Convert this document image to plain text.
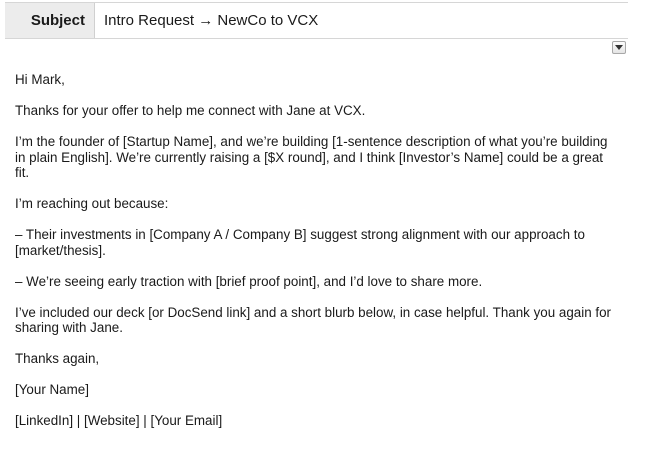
Subject	Intro Request → NewCo to VCX

Hi Mark,

Thanks for your offer to help me connect with Jane at VCX.

I’m the founder of [Startup Name], and we’re building [1-sentence description of what you’re building in plain English]. We’re currently raising a [$X round], and I think [Investor’s Name] could be a great fit.

I’m reaching out because:

– Their investments in [Company A / Company B] suggest strong alignment with our approach to [market/thesis].

– We’re seeing early traction with [brief proof point], and I’d love to share more.

I’ve included our deck [or DocSend link] and a short blurb below, in case helpful. Thank you again for sharing with Jane.

Thanks again,

[Your Name]

[LinkedIn] | [Website] | [Your Email]
